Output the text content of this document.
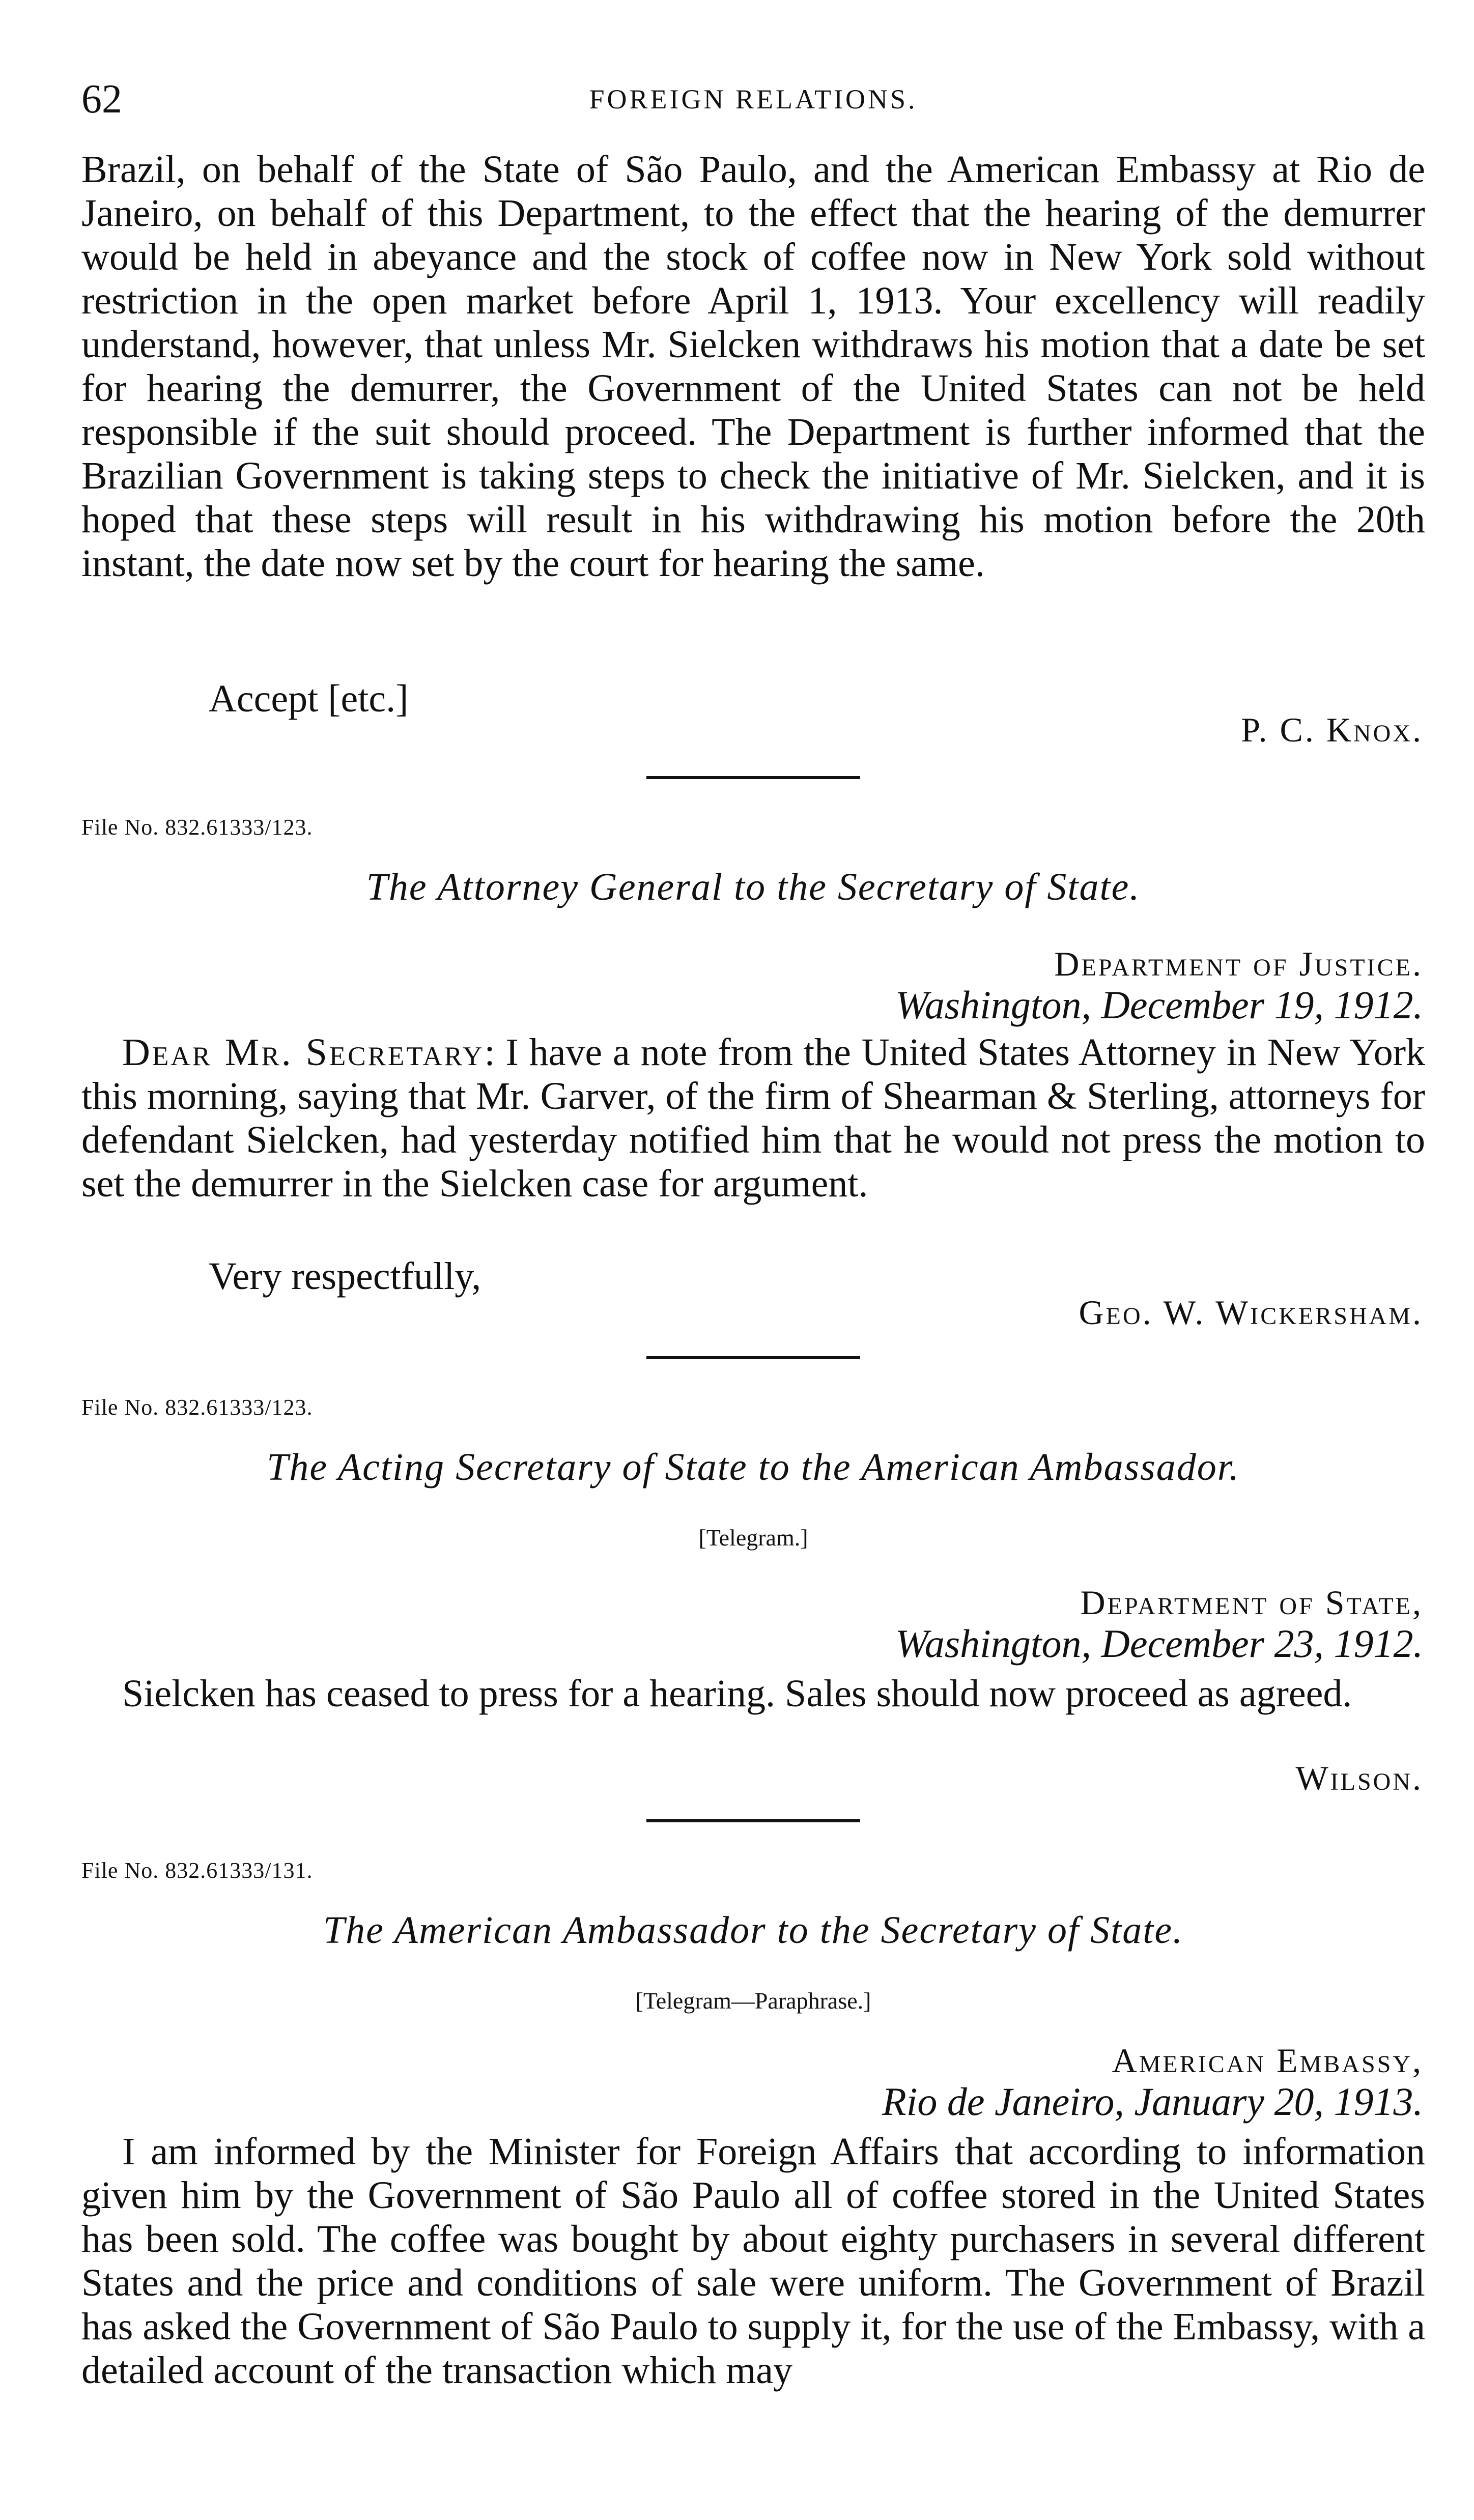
62	FOREIGN RELATIONS.

Brazil, on behalf of the State of São Paulo, and the American Embassy at Rio de Janeiro, on behalf of this Department, to the effect that the hearing of the demurrer would be held in abeyance and the stock of coffee now in New York sold without restriction in the open market before April 1, 1913. Your excellency will readily understand, however, that unless Mr. Sielcken withdraws his motion that a date be set for hearing the demurrer, the Government of the United States can not be held responsible if the suit should proceed. The Department is further informed that the Brazilian Government is taking steps to check the initiative of Mr. Sielcken, and it is hoped that these steps will result in his withdrawing his motion before the 20th instant, the date now set by the court for hearing the same.

Accept [etc.]
P. C. Knox.
File No. 832.61333/123.
The Attorney General to the Secretary of State.
Department of Justice.
Washington, December 19, 1912.

Dear Mr. Secretary: I have a note from the United States Attorney in New York this morning, saying that Mr. Garver, of the firm of Shearman & Sterling, attorneys for defendant Sielcken, had yesterday notified him that he would not press the motion to set the demurrer in the Sielcken case for argument.

Very respectfully,
Geo. W. Wickersham.
File No. 832.61333/123.
The Acting Secretary of State to the American Ambassador.
[Telegram.]
Department of State,
Washington, December 23, 1912.

Sielcken has ceased to press for a hearing. Sales should now proceed as agreed.

Wilson.
File No. 832.61333/131.
The American Ambassador to the Secretary of State.
[Telegram—Paraphrase.]
American Embassy,
Rio de Janeiro, January 20, 1913.

I am informed by the Minister for Foreign Affairs that according to information given him by the Government of São Paulo all of coffee stored in the United States has been sold. The coffee was bought by about eighty purchasers in several different States and the price and conditions of sale were uniform. The Government of Brazil has asked the Government of São Paulo to supply it, for the use of the Embassy, with a detailed account of the transaction which may
